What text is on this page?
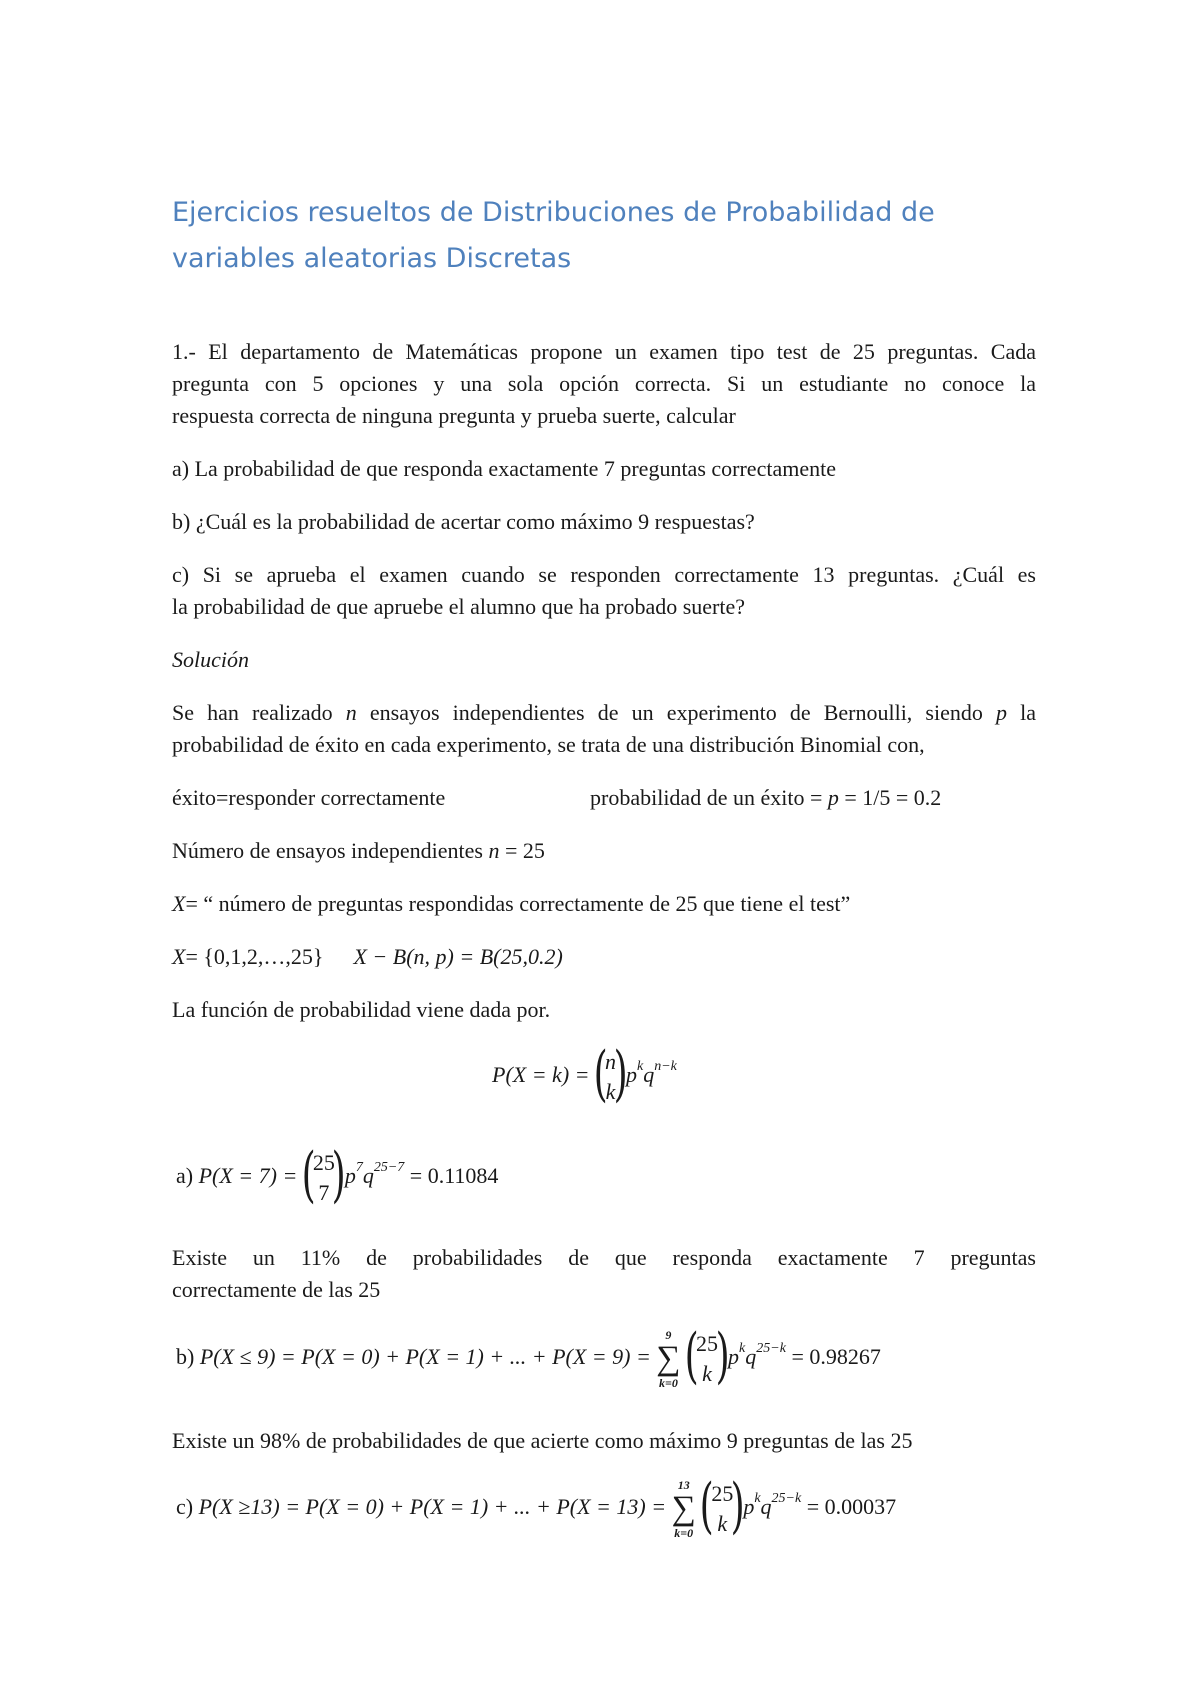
Ejercicios resueltos de Distribuciones de Probabilidad de variables aleatorias Discretas

1.- El departamento de Matemáticas propone un examen tipo test de 25 preguntas. Cada

pregunta con 5 opciones y una sola opción correcta. Si un estudiante no conoce la

respuesta correcta de ninguna pregunta y prueba suerte, calcular

a) La probabilidad de que responda exactamente 7 preguntas correctamente

b) ¿Cuál es la probabilidad de acertar como máximo 9 respuestas?

c) Si se aprueba el examen cuando se responden correctamente 13 preguntas. ¿Cuál es

la probabilidad de que apruebe el alumno que ha probado suerte?

Solución

Se han realizado n ensayos independientes de un experimento de Bernoulli, siendo p la

probabilidad de éxito en cada experimento, se trata de una distribución Binomial con,

éxito=responder correctamente	probabilidad de un éxito = p = 1/5 = 0.2

Número de ensayos independientes n = 25

X= “ número de preguntas respondidas correctamente de 25 que tiene el test”

X= {0,1,2,…,25} X − B(n, p) = B(25,0.2)

La función de probabilidad viene dada por.

P(X = k) = (
n
k
)
$p^kq^{n-k}$
a) P(X = 7) = (
25
7 )
$p^7q^{25-7} = 0.11084$

Existe un 11% de probabilidades de que responda exactamente 7 preguntas

correctamente de las 25

b) P(X ≤ 9) = P(X = 0) + P(X = 1) + ... + P(X = 9) =
9
∑
k=0
(
25
k )
$p^kq^{25-k} = 0.98267$

Existe un 98% de probabilidades de que acierte como máximo 9 preguntas de las 25

c) P(X ≥13) = P(X = 0) + P(X = 1) + ... + P(X = 13) =
13
∑
k=0
(
25
k )
$p^kq^{25-k} = 0.00037$
